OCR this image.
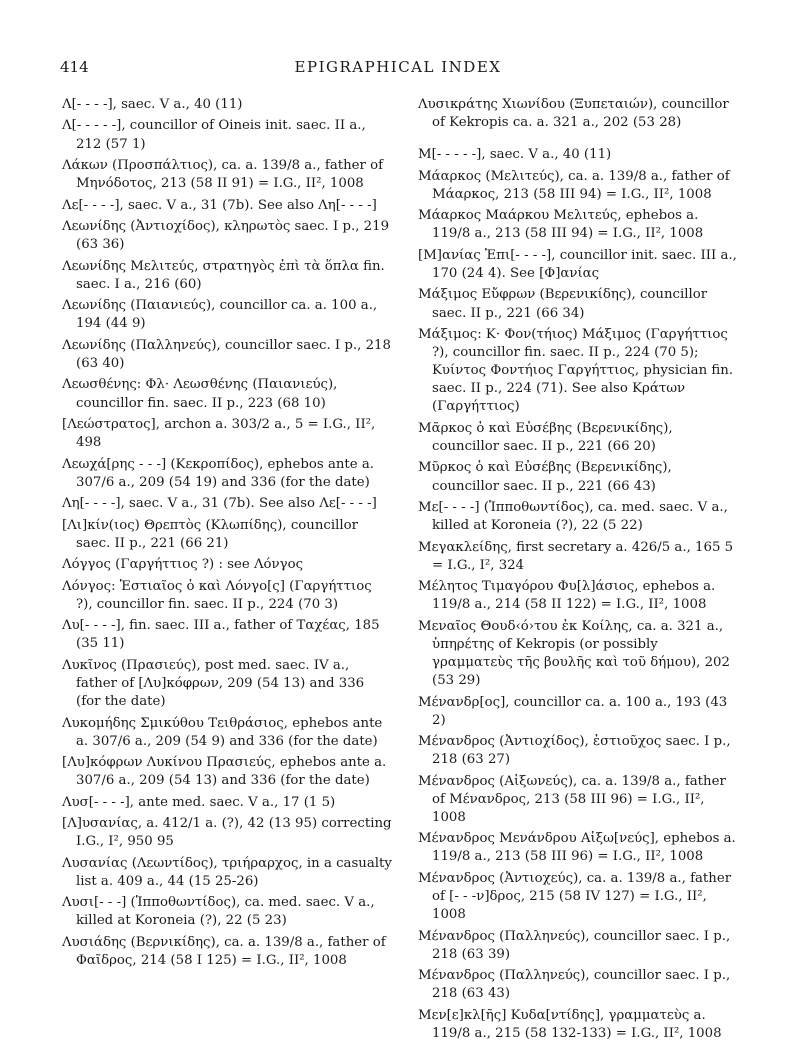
414	EPIGRAPHICAL INDEX

Λ[- - - -], saec. V a., 40 (11)

Λ[- - - - -], councillor of Oineis init. saec. II a., 212 (57 1)

Λάκων (Προσπάλτιος), ca. a. 139/8 a., father of Μηνόδοτος, 213 (58 II 91) = I.G., II², 1008

Λε[- - - -], saec. V a., 31 (7b). See also Λη[- - - -]

Λεωνίδης (Ἀντιοχίδος), κληρωτὸς saec. I p., 219 (63 36)

Λεωνίδης Μελιτεύς, στρατηγὸς ἐπὶ τὰ ὅπλα fin. saec. I a., 216 (60)

Λεωνίδης (Παιανιεύς), councillor ca. a. 100 a., 194 (44 9)

Λεωνίδης (Παλληνεύς), councillor saec. I p., 218 (63 40)

Λεωσθένης: Φλ· Λεωσθένης (Παιανιεύς), councillor fin. saec. II p., 223 (68 10)

[Λεώστρατος], archon a. 303/2 a., 5 = I.G., II², 498

Λεωχά[ρης - - -] (Κεκροπίδος), ephebos ante a. 307/6 a., 209 (54 19) and 336 (for the date)

Λη[- - - -], saec. V a., 31 (7b). See also Λε[- - - -]

[Λι]κίν(ιος) Θρεπτὸς (Κλωπίδης), councillor saec. II p., 221 (66 21)

Λόγγος (Γαργήττιος ?) : see Λόνγος

Λόνγος: Ἑστιαῖος ὁ καὶ Λόνγο[ς] (Γαργήττιος ?), councillor fin. saec. II p., 224 (70 3)

Λυ[- - - -], fin. saec. III a., father of Ταχέας, 185 (35 11)

Λυκῖνος (Πρασιεύς), post med. saec. IV a., father of [Λυ]κόφρων, 209 (54 13) and 336 (for the date)

Λυκομήδης Σμικύθου Τειθράσιος, ephebos ante a. 307/6 a., 209 (54 9) and 336 (for the date)

[Λυ]κόφρων Λυκίνου Πρασιεύς, ephebos ante a. 307/6 a., 209 (54 13) and 336 (for the date)

Λυσ[- - - -], ante med. saec. V a., 17 (1 5)

[Λ]υσανίας, a. 412/1 a. (?), 42 (13 95) correcting I.G., I², 950 95

Λυσανίας (Λεωντίδος), τριήραρχος, in a casualty list a. 409 a., 44 (15 25-26)

Λυσι[- - -] (Ἱπποθωντίδος), ca. med. saec. V a., killed at Koroneia (?), 22 (5 23)

Λυσιάδης (Βερνικίδης), ca. a. 139/8 a., father of Φαῖδρος, 214 (58 I 125) = I.G., II², 1008

Λυσικράτης Χιωνίδου (Ξυπεταιών), councillor of Kekropis ca. a. 321 a., 202 (53 28)

M[- - - - -], saec. V a., 40 (11)

Μάαρκος (Μελιτεύς), ca. a. 139/8 a., father of Μάαρκος, 213 (58 III 94) = I.G., II², 1008

Μάαρκος Μαάρκου Μελιτεύς, ephebos a. 119/8 a., 213 (58 III 94) = I.G., II², 1008

[Μ]ανίας Ἐπι[- - - -], councillor init. saec. III a., 170 (24 4). See [Φ]ανίας

Μάξιμος Εὔφρων (Βερενικίδης), councillor saec. II p., 221 (66 34)

Μάξιμος: Κ· Φον(τήιος) Μάξιμος (Γαργήττιος ?), councillor fin. saec. II p., 224 (70 5); Κυίντος Φοντήιος Γαργήττιος, physician fin. saec. II p., 224 (71). See also Κράτων (Γαργήττιος)

Μᾶρκος ὁ καὶ Εὐσέβης (Βερενικίδης), councillor saec. II p., 221 (66 20)

Μῦρκος ὁ καὶ Εὐσέβης (Βερενικίδης), councillor saec. II p., 221 (66 43)

Με[- - - -] (Ἱπποθωντίδος), ca. med. saec. V a., killed at Koroneia (?), 22 (5 22)

Μεγακλείδης, first secretary a. 426/5 a., 165 5 = I.G., I², 324

Μέλητος Τιμαγόρου Φυ[λ]άσιος, ephebos a. 119/8 a., 214 (58 II 122) = I.G., II², 1008

Μεναῖος Θουδ‹ό›του ἐκ Κοίλης, ca. a. 321 a., ὑπηρέτης of Kekropis (or possibly γραμματεὺς τῆς βουλῆς καὶ τοῦ δήμου), 202 (53 29)

Μένανδρ[ος], councillor ca. a. 100 a., 193 (43 2)

Μένανδρος (Ἀντιοχίδος), ἑστιοῦχος saec. I p., 218 (63 27)

Μένανδρος (Αἰξωνεύς), ca. a. 139/8 a., father of Μένανδρος, 213 (58 III 96) = I.G., II², 1008

Μένανδρος Μενάνδρου Αἰξω[νεύς], ephebos a. 119/8 a., 213 (58 III 96) = I.G., II², 1008

Μένανδρος (Ἀντιοχεύς), ca. a. 139/8 a., father of [- - -ν]δρος, 215 (58 IV 127) = I.G., II², 1008

Μένανδρος (Παλληνεύς), councillor saec. I p., 218 (63 39)

Μένανδρος (Παλληνεύς), councillor saec. I p., 218 (63 43)

Μεν[ε]κλ[ῆς] Κυδα[ντίδης], γραμματεὺς a. 119/8 a., 215 (58 132-133) = I.G., II², 1008
